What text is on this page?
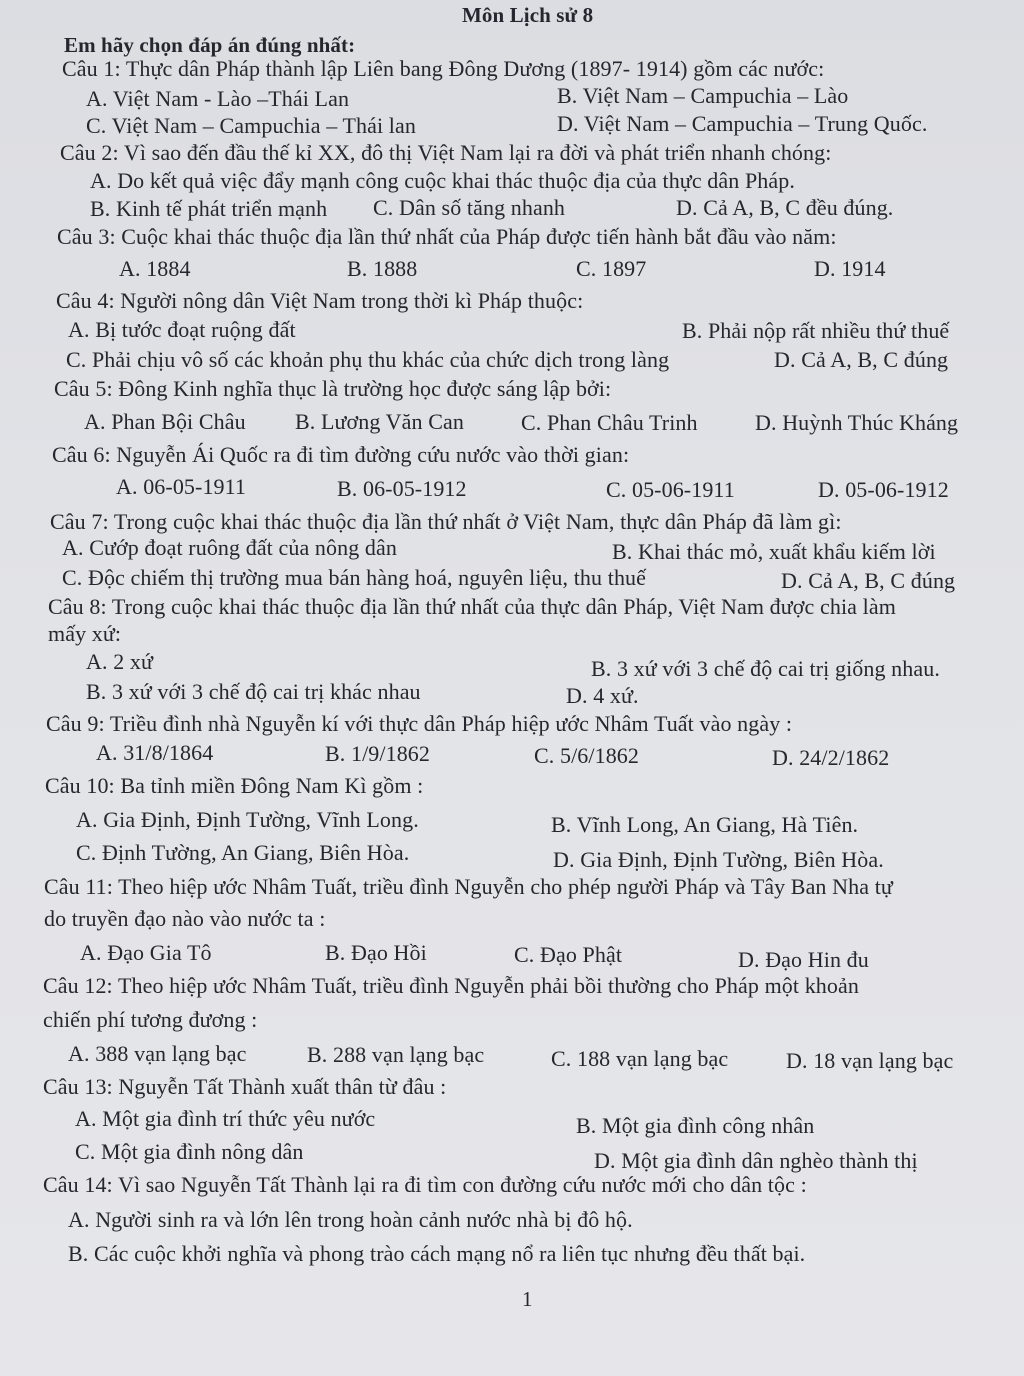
Môn Lịch sử 8
Em hãy chọn đáp án đúng nhất:
Câu 1: Thực dân Pháp thành lập Liên bang Đông Dương (1897- 1914) gồm các nước:
A. Việt Nam - Lào –Thái Lan	B. Việt Nam – Campuchia – Lào
C. Việt Nam – Campuchia – Thái lan	D. Việt Nam – Campuchia – Trung Quốc.
Câu 2: Vì sao đến đầu thế kỉ XX, đô thị Việt Nam lại ra đời và phát triển nhanh chóng:
A. Do kết quả việc đẩy mạnh công cuộc khai thác thuộc địa của thực dân Pháp.
B. Kinh tế phát triển mạnh C. Dân số tăng nhanh	D. Cả A, B, C đều đúng.
Câu 3: Cuộc khai thác thuộc địa lần thứ nhất của Pháp được tiến hành bắt đầu vào năm:
A. 1884	B. 1888	C. 1897	D. 1914
Câu 4: Người nông dân Việt Nam trong thời kì Pháp thuộc:
A. Bị tước đoạt ruộng đất	B. Phải nộp rất nhiều thứ thuế
C. Phải chịu vô số các khoản phụ thu khác của chức dịch trong làng	D. Cả A, B, C đúng
Câu 5: Đông Kinh nghĩa thục là trường học được sáng lập bởi:
A. Phan Bội Châu B. Lương Văn Can	C. Phan Châu Trinh	D. Huỳnh Thúc Kháng
Câu 6: Nguyễn Ái Quốc ra đi tìm đường cứu nước vào thời gian:
A. 06-05-1911	B. 06-05-1912	C. 05-06-1911	D. 05-06-1912
Câu 7: Trong cuộc khai thác thuộc địa lần thứ nhất ở Việt Nam, thực dân Pháp đã làm gì:
A. Cướp đoạt ruông đất của nông dân	B. Khai thác mỏ, xuất khẩu kiếm lời
C. Độc chiếm thị trường mua bán hàng hoá, nguyên liệu, thu thuế	D. Cả A, B, C đúng
Câu 8: Trong cuộc khai thác thuộc địa lần thứ nhất của thực dân Pháp, Việt Nam được chia làm
mấy xứ:
A. 2 xứ	B. 3 xứ với 3 chế độ cai trị giống nhau.
B. 3 xứ với 3 chế độ cai trị khác nhau	D. 4 xứ.
Câu 9: Triều đình nhà Nguyễn kí với thực dân Pháp hiệp ước Nhâm Tuất vào ngày :
A. 31/8/1864	B. 1/9/1862	C. 5/6/1862	D. 24/2/1862
Câu 10: Ba tỉnh miền Đông Nam Kì gồm :
A. Gia Định, Định Tường, Vĩnh Long.	B. Vĩnh Long, An Giang, Hà Tiên.
C. Định Tường, An Giang, Biên Hòa.	D. Gia Định, Định Tường, Biên Hòa.
Câu 11: Theo hiệp ước Nhâm Tuất, triều đình Nguyễn cho phép người Pháp và Tây Ban Nha tự
do truyền đạo nào vào nước ta :
A. Đạo Gia Tô	B. Đạo Hồi	C. Đạo Phật	D. Đạo Hin đu
Câu 12: Theo hiệp ước Nhâm Tuất, triều đình Nguyễn phải bồi thường cho Pháp một khoản
chiến phí tương đương :
A. 388 vạn lạng bạc	B. 288 vạn lạng bạc	C. 188 vạn lạng bạc	D. 18 vạn lạng bạc
Câu 13: Nguyễn Tất Thành xuất thân từ đâu :
A. Một gia đình trí thức yêu nước	B. Một gia đình công nhân
C. Một gia đình nông dân	D. Một gia đình dân nghèo thành thị
Câu 14: Vì sao Nguyễn Tất Thành lại ra đi tìm con đường cứu nước mới cho dân tộc :
A. Người sinh ra và lớn lên trong hoàn cảnh nước nhà bị đô hộ.
B. Các cuộc khởi nghĩa và phong trào cách mạng nổ ra liên tục nhưng đều thất bại.
1
